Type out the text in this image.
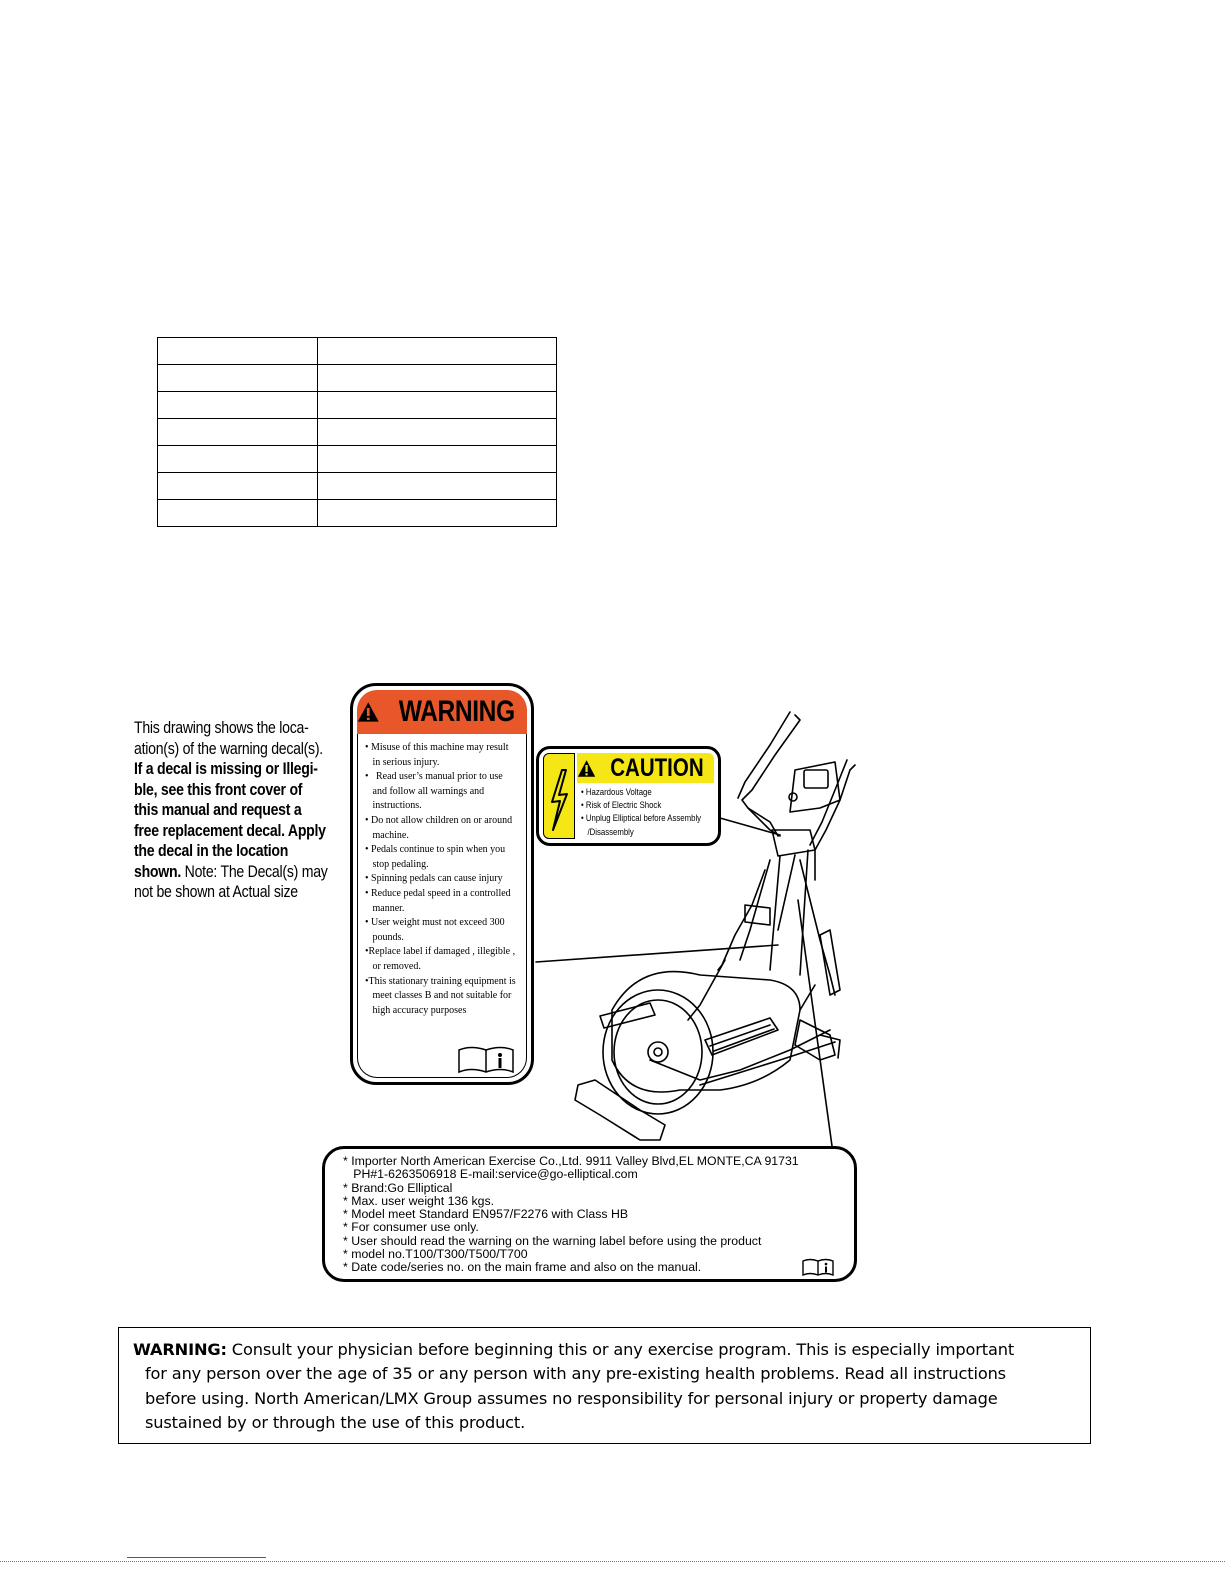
This drawing shows the loca-
ation(s) of the warning decal(s).
If a decal is missing or Illegi-
ble, see this front cover of
this manual and request a
free replacement decal. Apply
the decal in the location
shown. Note: The Decal(s) may
not be shown at Actual size
WARNING
• Misuse of this machine may result
in serious injury.
•   Read user’s manual prior to use
and follow all warnings and
instructions.
• Do not allow children on or around
machine.
• Pedals continue to spin when you
stop pedaling.
• Spinning pedals can cause injury
• Reduce pedal speed in a controlled
manner.
• User weight must not exceed 300
pounds.
•Replace label if damaged , illegible ,
or removed.
•This stationary training equipment is
meet classes B and not suitable for
high accuracy purposes
CAUTION
• Hazardous Voltage
• Risk of Electric Shock
• Unplug Elliptical before Assembly
/Disassembly
* Importer North American Exercise Co.,Ltd. 9911 Valley Blvd,EL MONTE,CA 91731
PH#1-6263506918 E-mail:service@go-elliptical.com
* Brand:Go Elliptical
* Max. user weight 136 kgs.
* Model meet Standard EN957/F2276 with Class HB
* For consumer use only.
* User should read the warning on the warning label before using the product
* model no.T100/T300/T500/T700
* Date code/series no. on the main frame and also on the manual.
WARNING: Consult your physician before beginning this or any exercise program. This is especially important
for any person over the age of 35 or any person with any pre-existing health problems. Read all instructions
before using. North American/LMX Group assumes no responsibility for personal injury or property damage
sustained by or through the use of this product.
